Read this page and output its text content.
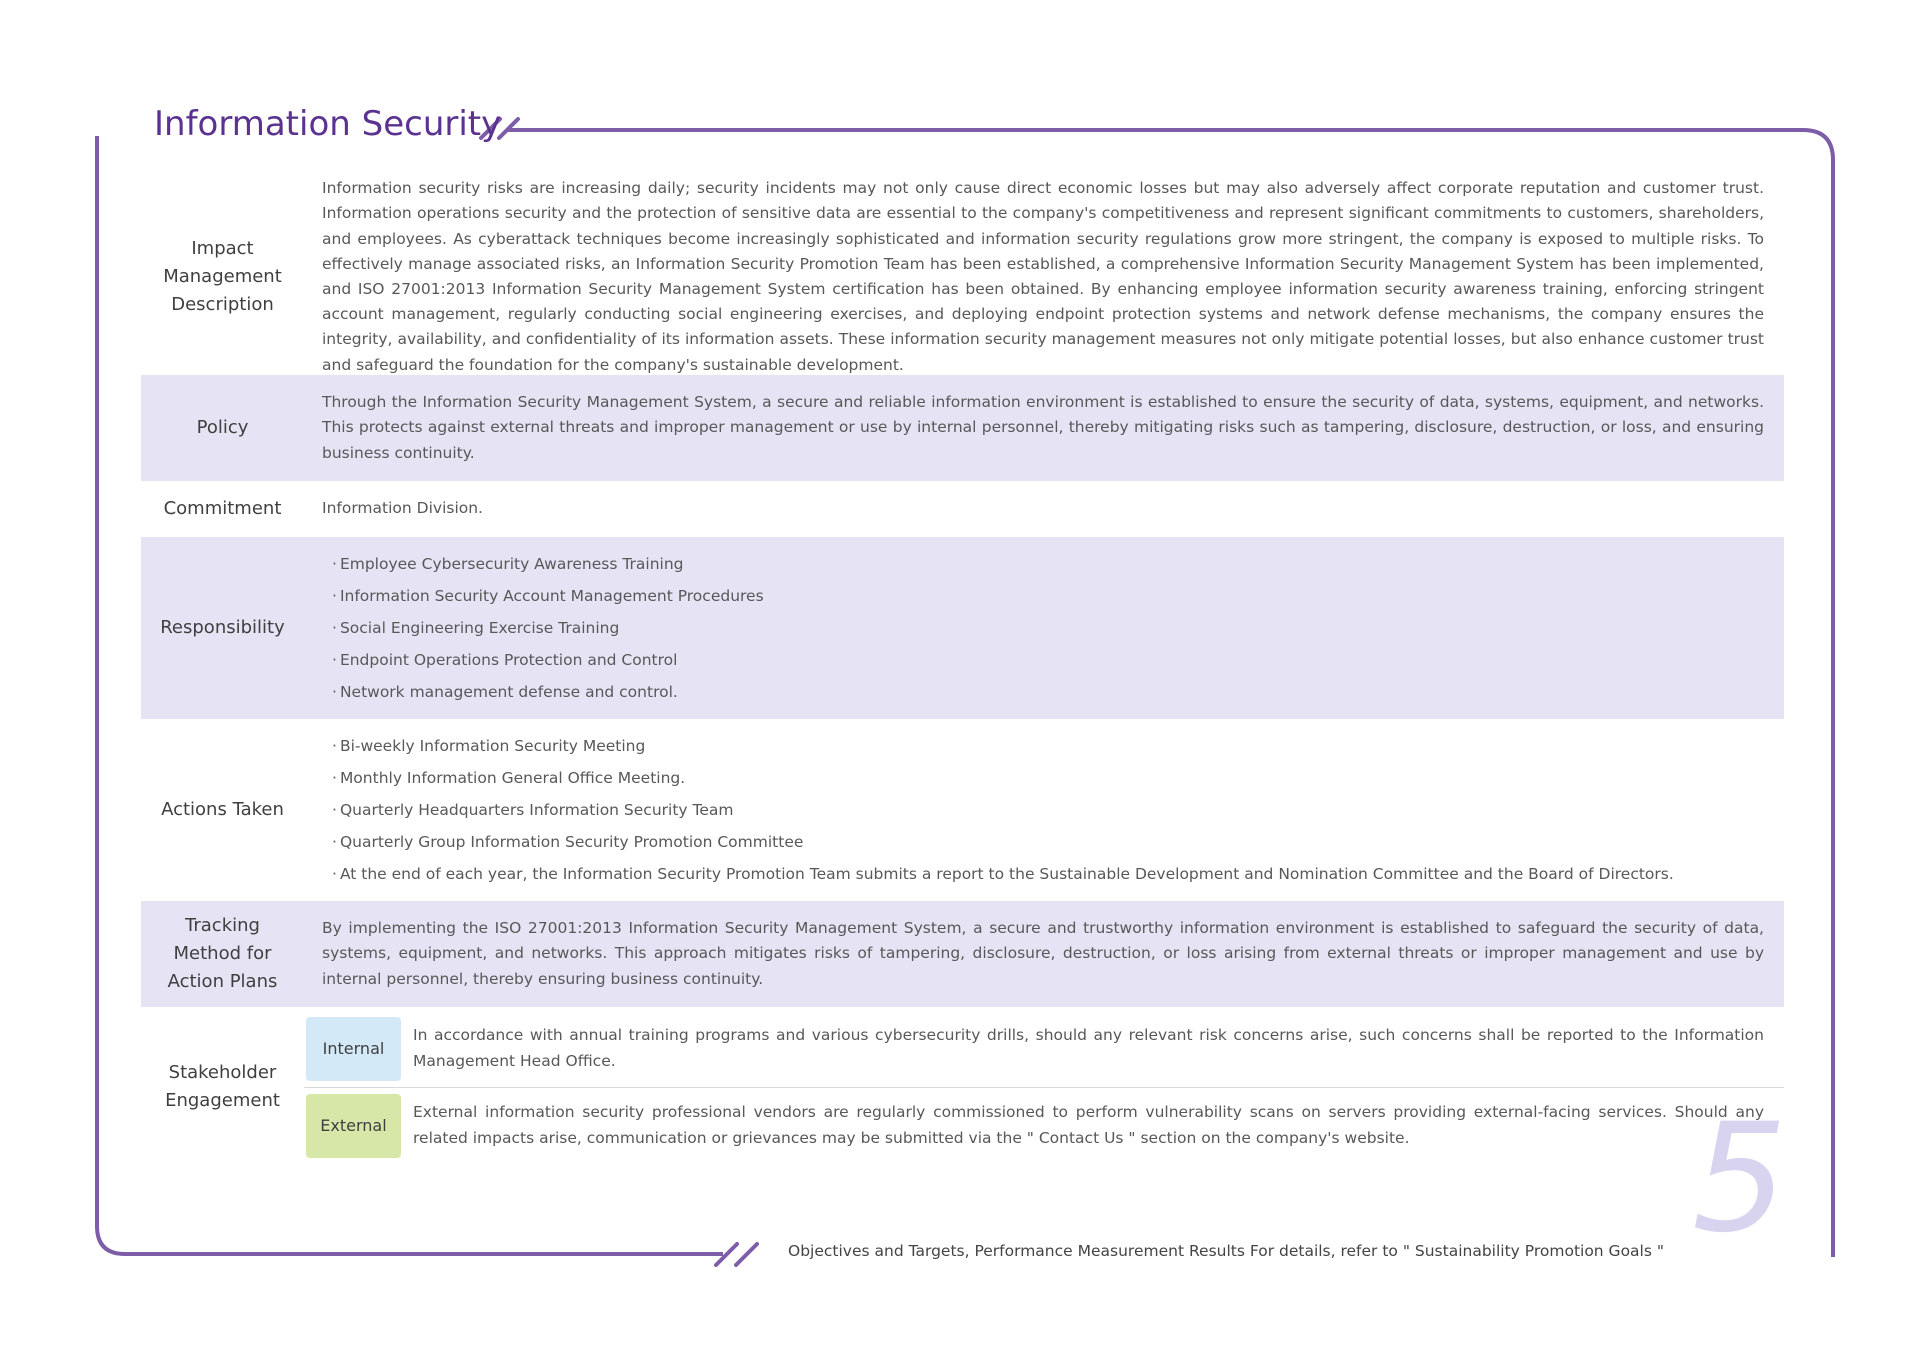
Information Security
Impact
Management
Description
Information security risks are increasing daily; security incidents may not only cause direct economic losses but may also adversely affect corporate reputation and customer trust. Information operations security and the protection of sensitive data are essential to the company's competitiveness and represent significant commitments to customers, shareholders, and employees. As cyberattack techniques become increasingly sophisticated and information security regulations grow more stringent, the company is exposed to multiple risks. To effectively manage associated risks, an Information Security Promotion Team has been established, a comprehensive Information Security Management System has been implemented, and ISO 27001:2013 Information Security Management System certification has been obtained. By enhancing employee information security awareness training, enforcing stringent account management, regularly conducting social engineering exercises, and deploying endpoint protection systems and network defense mechanisms, the company ensures the integrity, availability, and confidentiality of its information assets. These information security management measures not only mitigate potential losses, but also enhance customer trust and safeguard the foundation for the company's sustainable development.
Policy
Through the Information Security Management System, a secure and reliable information environment is established to ensure the security of data, systems, equipment, and networks. This protects against external threats and improper management or use by internal personnel, thereby mitigating risks such as tampering, disclosure, destruction, or loss, and ensuring business continuity.
Commitment	Information Division.
Responsibility
· Employee Cybersecurity Awareness Training
· Information Security Account Management Procedures
· Social Engineering Exercise Training
· Endpoint Operations Protection and Control
· Network management defense and control.
Actions Taken
· Bi-weekly Information Security Meeting
· Monthly Information General Office Meeting.
· Quarterly Headquarters Information Security Team
· Quarterly Group Information Security Promotion Committee
· At the end of each year, the Information Security Promotion Team submits a report to the Sustainable Development and Nomination Committee and the Board of Directors.
Tracking
Method for
Action Plans
By implementing the ISO 27001:2013 Information Security Management System, a secure and trustworthy information environment is established to safeguard the security of data, systems, equipment, and networks. This approach mitigates risks of tampering, disclosure, destruction, or loss arising from external threats or improper management and use by internal personnel, thereby ensuring business continuity.
Stakeholder
Engagement
Internal
In accordance with annual training programs and various cybersecurity drills, should any relevant risk concerns arise, such concerns shall be reported to the Information Management Head Office.
External
External information security professional vendors are regularly commissioned to perform vulnerability scans on servers providing external-facing services. Should any related impacts arise, communication or grievances may be submitted via the " Contact Us " section on the company's website.
Objectives and Targets, Performance Measurement Results For details, refer to " Sustainability Promotion Goals " 5
